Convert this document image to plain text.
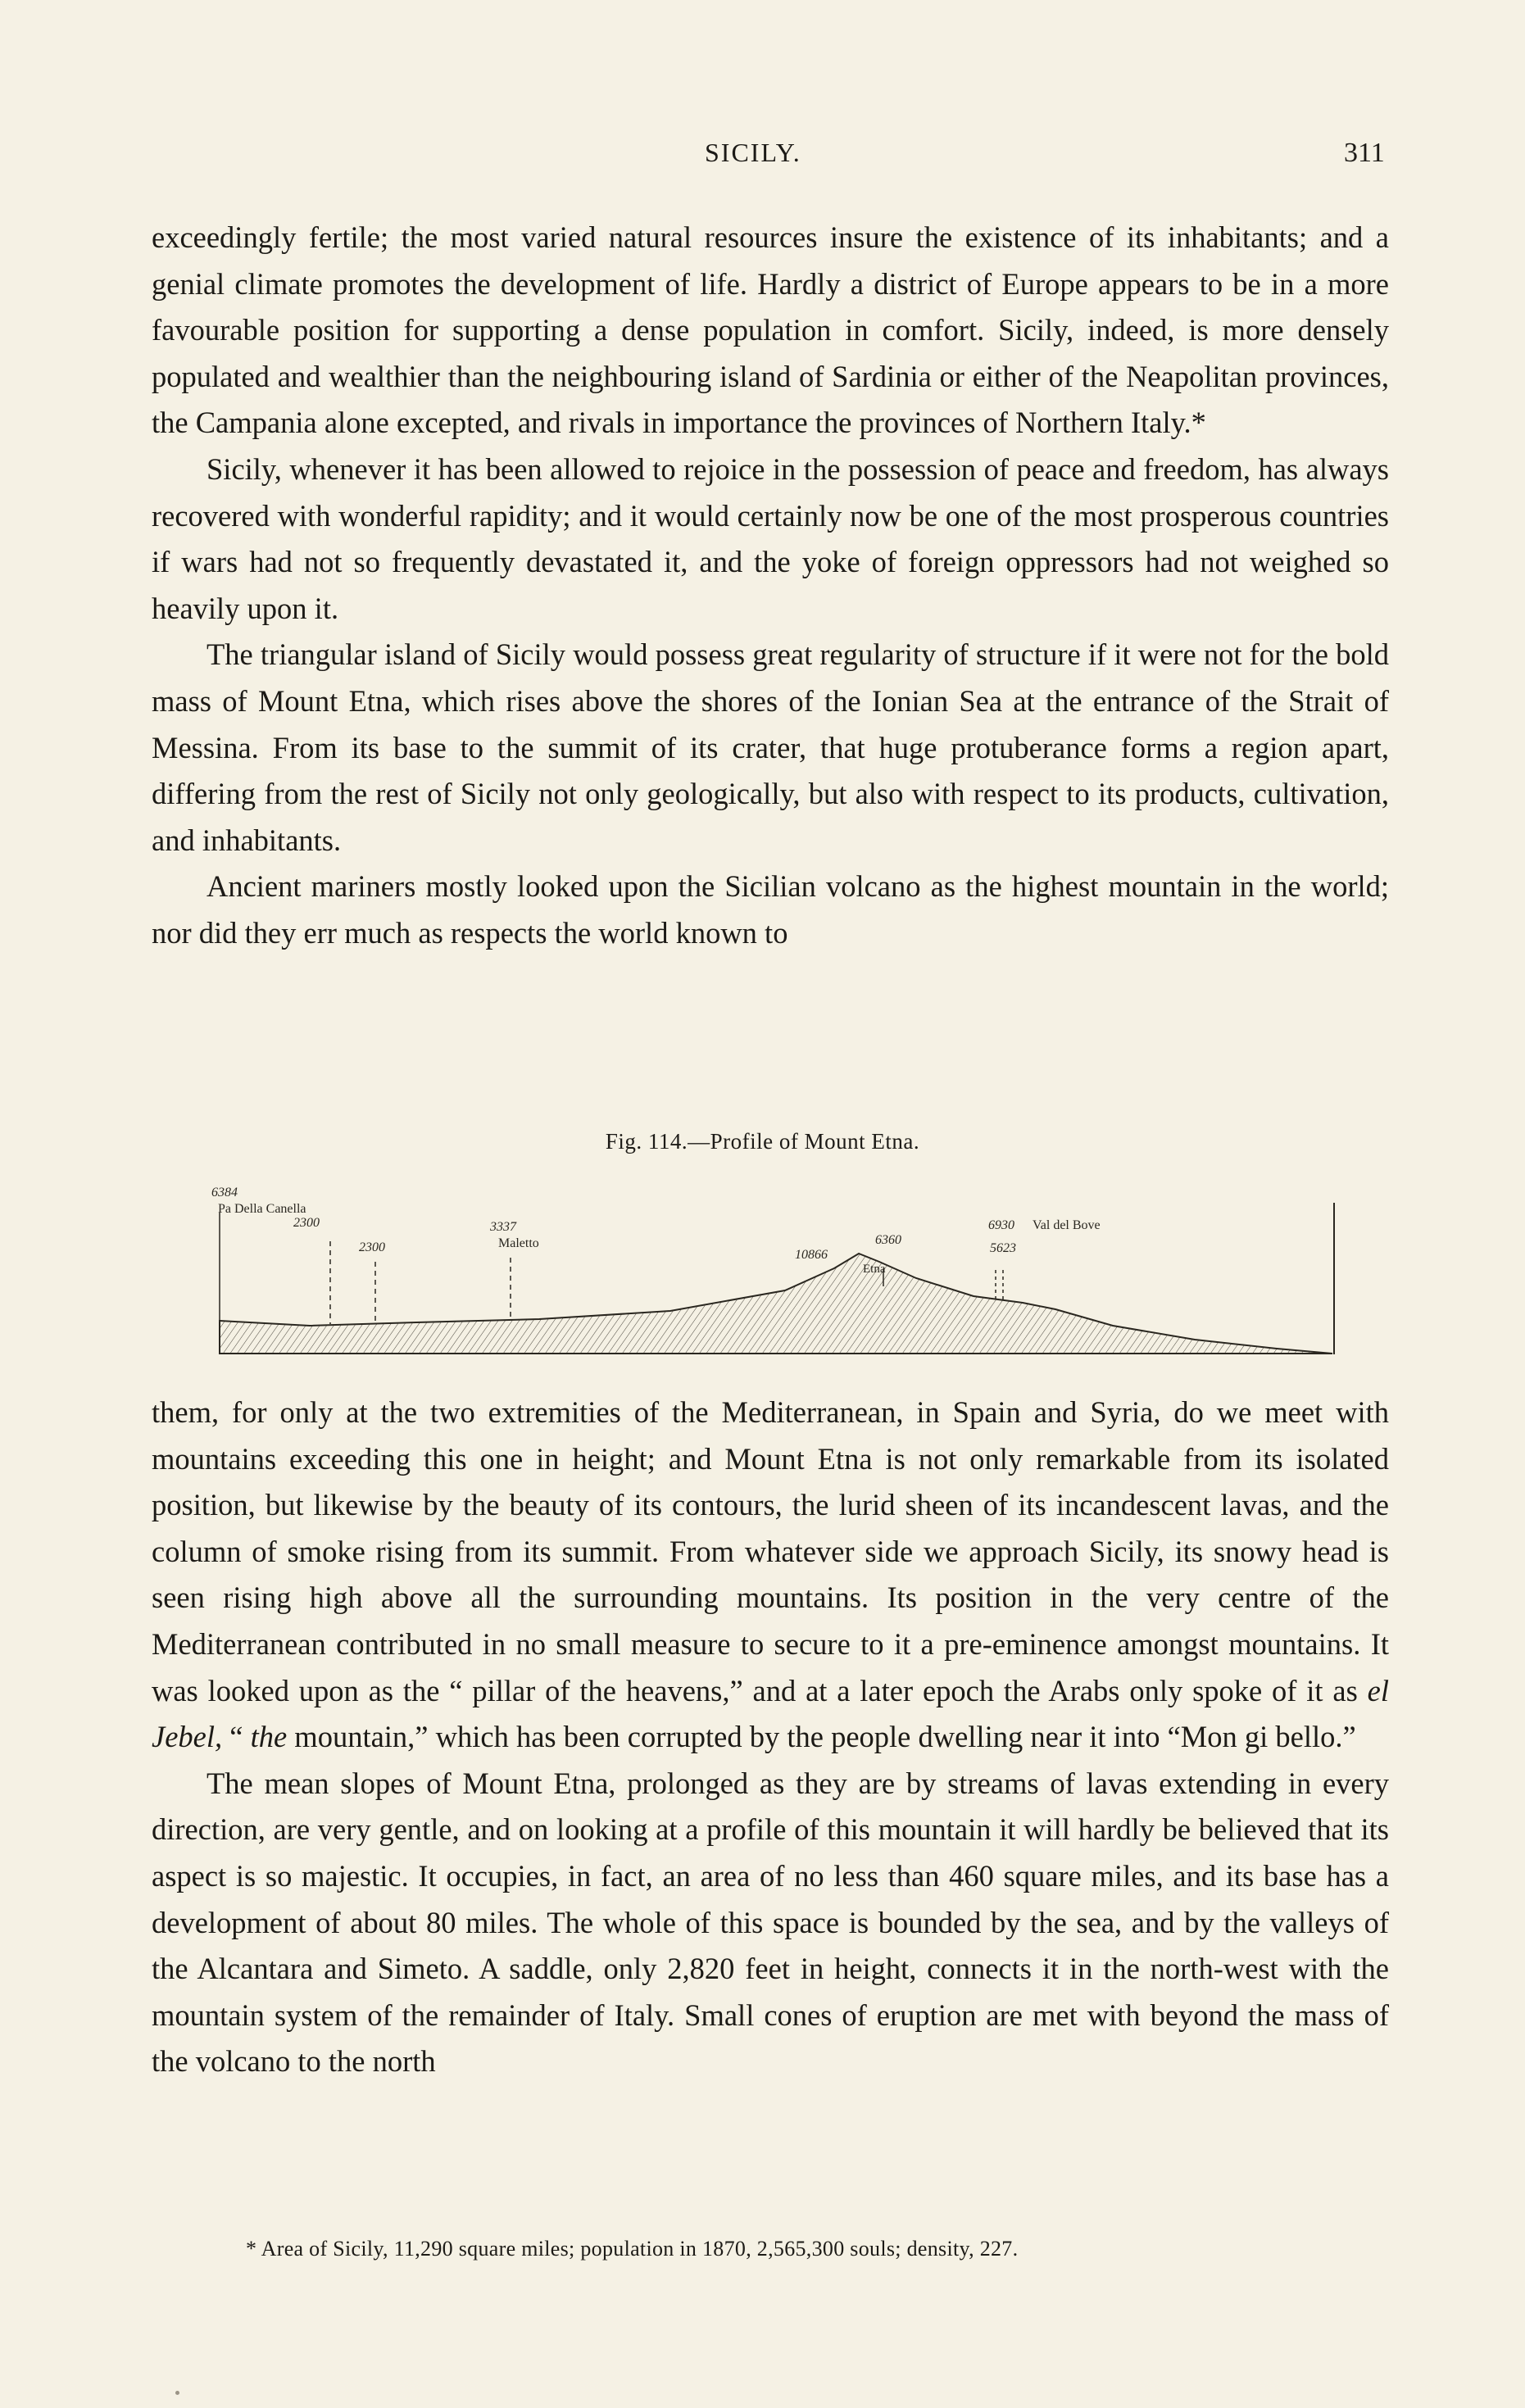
SICILY.	311

exceedingly fertile; the most varied natural resources insure the existence of its inhabitants; and a genial climate promotes the development of life. Hardly a district of Europe appears to be in a more favourable position for supporting a dense population in comfort. Sicily, indeed, is more densely populated and wealthier than the neighbouring island of Sardinia or either of the Neapolitan provinces, the Campania alone excepted, and rivals in importance the provinces of Northern Italy.*

Sicily, whenever it has been allowed to rejoice in the possession of peace and freedom, has always recovered with wonderful rapidity; and it would certainly now be one of the most prosperous countries if wars had not so frequently devastated it, and the yoke of foreign oppressors had not weighed so heavily upon it.

The triangular island of Sicily would possess great regularity of structure if it were not for the bold mass of Mount Etna, which rises above the shores of the Ionian Sea at the entrance of the Strait of Messina. From its base to the summit of its crater, that huge protuberance forms a region apart, differing from the rest of Sicily not only geologically, but also with respect to its products, cultivation, and inhabitants.

Ancient mariners mostly looked upon the Sicilian volcano as the highest mountain in the world; nor did they err much as respects the world known to

Fig. 114.—Profile of Mount Etna.
6384
Pa Della Canella
2300
2300
3337
Maletto
10866
6360
Etna
6930 Val del Bove
5623

them, for only at the two extremities of the Mediterranean, in Spain and Syria, do we meet with mountains exceeding this one in height; and Mount Etna is not only remarkable from its isolated position, but likewise by the beauty of its contours, the lurid sheen of its incandescent lavas, and the column of smoke rising from its summit. From whatever side we approach Sicily, its snowy head is seen rising high above all the surrounding mountains. Its position in the very centre of the Mediterranean contributed in no small measure to secure to it a pre-eminence amongst mountains. It was looked upon as the “ pillar of the heavens,” and at a later epoch the Arabs only spoke of it as el Jebel, “ the mountain,” which has been corrupted by the people dwelling near it into “Mon gi bello.”

The mean slopes of Mount Etna, prolonged as they are by streams of lavas extending in every direction, are very gentle, and on looking at a profile of this mountain it will hardly be believed that its aspect is so majestic. It occupies, in fact, an area of no less than 460 square miles, and its base has a development of about 80 miles. The whole of this space is bounded by the sea, and by the valleys of the Alcantara and Simeto. A saddle, only 2,820 feet in height, connects it in the north-west with the mountain system of the remainder of Italy. Small cones of eruption are met with beyond the mass of the volcano to the north

* Area of Sicily, 11,290 square miles; population in 1870, 2,565,300 souls; density, 227.
